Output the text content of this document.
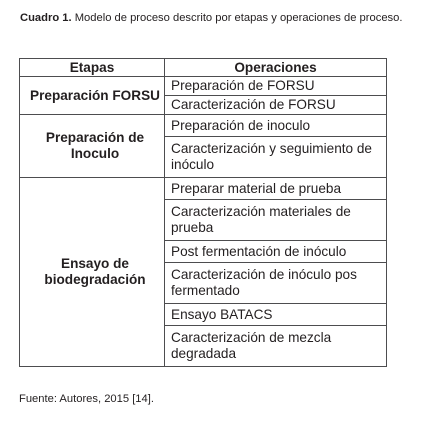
Cuadro 1. Modelo de proceso descrito por etapas y operaciones de proceso.
Etapas	Operaciones
Preparación FORSU	Preparación de FORSU
	Caracterización de FORSU
Preparación de Inoculo	Preparación de inoculo
	Caracterización y seguimiento de inóculo
Ensayo de biodegradación	Preparar material de prueba
	Caracterización materiales de prueba
	Post fermentación de inóculo
	Caracterización de inóculo pos fermentado
	Ensayo BATACS
	Caracterización de mezcla degradada
Fuente: Autores, 2015 [14].
